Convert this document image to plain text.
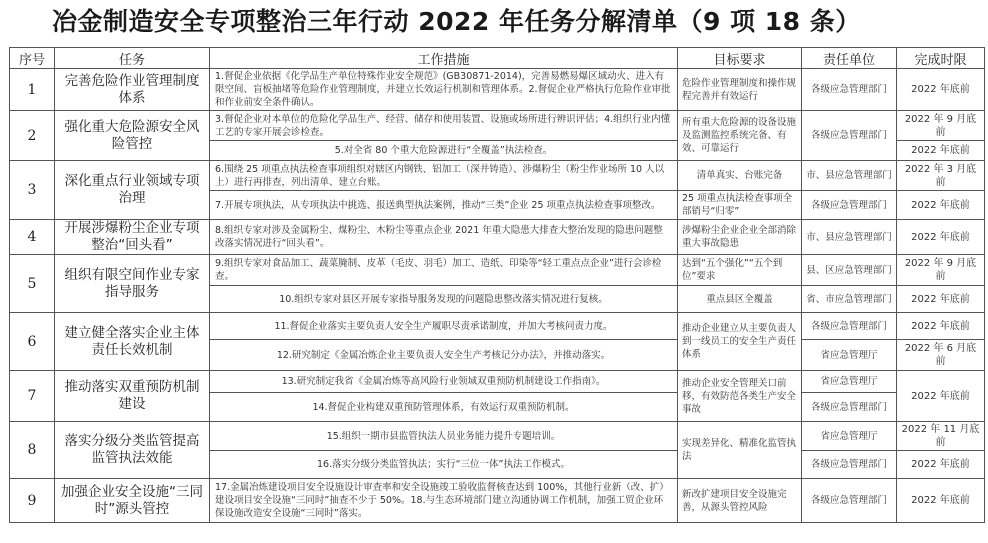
冶金制造安全专项整治三年行动 2022 年任务分解清单（9 项 18 条）
序号	任务	工作措施	目标要求	责任单位	完成时限
1	完善危险作业管理制度体系	1.督促企业依据《化学品生产单位特殊作业安全规范》(GB30871-2014)，完善易燃易爆区域动火、进入有限空间、盲板抽堵等危险作业管理制度，并建立长效运行机制和管理体系。2.督促企业严格执行危险作业审批和作业前安全条件确认。	危险作业管理制度和操作规程完善并有效运行	各级应急管理部门	2022 年底前
2	强化重大危险源安全风险管控	3.督促企业对本单位的危险化学品生产、经营、储存和使用装置、设施或场所进行辨识评估；4.组织行业内懂工艺的专家开展会诊检查。	所有重大危险源的设备设施及监测监控系统完备、有效、可靠运行	各级应急管理部门	2022 年 9 月底前
		5.对全省 80 个重大危险源进行“全覆盖”执法检查。			2022 年底前
3	深化重点行业领域专项治理	6.围绕 25 项重点执法检查事项组织对辖区内钢铁、铝加工（深井铸造）、涉爆粉尘（粉尘作业场所 10 人以上）进行再排查，列出清单、建立台账。	清单真实、台账完备	市、县应急管理部门	2022 年 3 月底前
		7.开展专项执法，从专项执法中挑选、报送典型执法案例，推动“三类”企业 25 项重点执法检查事项整改。	25 项重点执法检查事项全部销号“归零”	各级应急管理部门	2022 年底前
4	开展涉爆粉尘企业专项整治“回头看”	8.组织专家对涉及金属粉尘、煤粉尘、木粉尘等重点企业 2021 年重大隐患大排查大整治发现的隐患问题整改落实情况进行“回头看”。	涉爆粉尘企业企业全部消除重大事故隐患	市、县应急管理部门	2022 年底前
5	组织有限空间作业专家指导服务	9.组织专家对食品加工、蔬菜腌制、皮革（毛皮、羽毛）加工、造纸、印染等“轻工重点点企业”进行会诊检查。	达到“五个强化”“五个到位”要求	县、区应急管理部门	2022 年 9 月底前
		10.组织专家对县区开展专家指导服务发现的问题隐患整改落实情况进行复核。	重点县区全覆盖	省、市应急管理部门	2022 年底前
6	建立健全落实企业主体责任长效机制	11.督促企业落实主要负责人安全生产履职尽责承诺制度，并加大考核问责力度。	推动企业建立从主要负责人到一线员工的安全生产责任体系	各级应急管理部门	2022 年底前
		12.研究制定《金属冶炼企业主要负责人安全生产考核记分办法》，并推动落实。		省应急管理厅	2022 年 6 月底前
7	推动落实双重预防机制建设	13.研究制定我省《金属冶炼等高风险行业领域双重预防机制建设工作指南》。	推动企业安全管理关口前移，有效防范各类生产安全事故	省应急管理厅	2022 年底前
		14.督促企业构建双重预防管理体系，有效运行双重预防机制。		各级应急管理部门	
8	落实分级分类监管提高监管执法效能	15.组织一期市县监管执法人员业务能力提升专题培训。	实现差异化、精准化监管执法	省应急管理厅	2022 年 11 月底前
		16.落实分级分类监管执法；实行“三位一体”执法工作模式。		各级应急管理部门	2022 年底前
9	加强企业安全设施“三同时”源头管控	17.金属冶炼建设项目安全设施设计审查率和安全设施竣工验收监督核查达到 100%，其他行业新（改、扩）建设项目安全设施“三同时”抽查不少于 50%。18.与生态环境部门建立沟通协调工作机制，加强工贸企业环保设施改造安全设施“三同时”落实。	新改扩建项目安全设施完善，从源头管控风险	各级应急管理部门	2022 年底前
